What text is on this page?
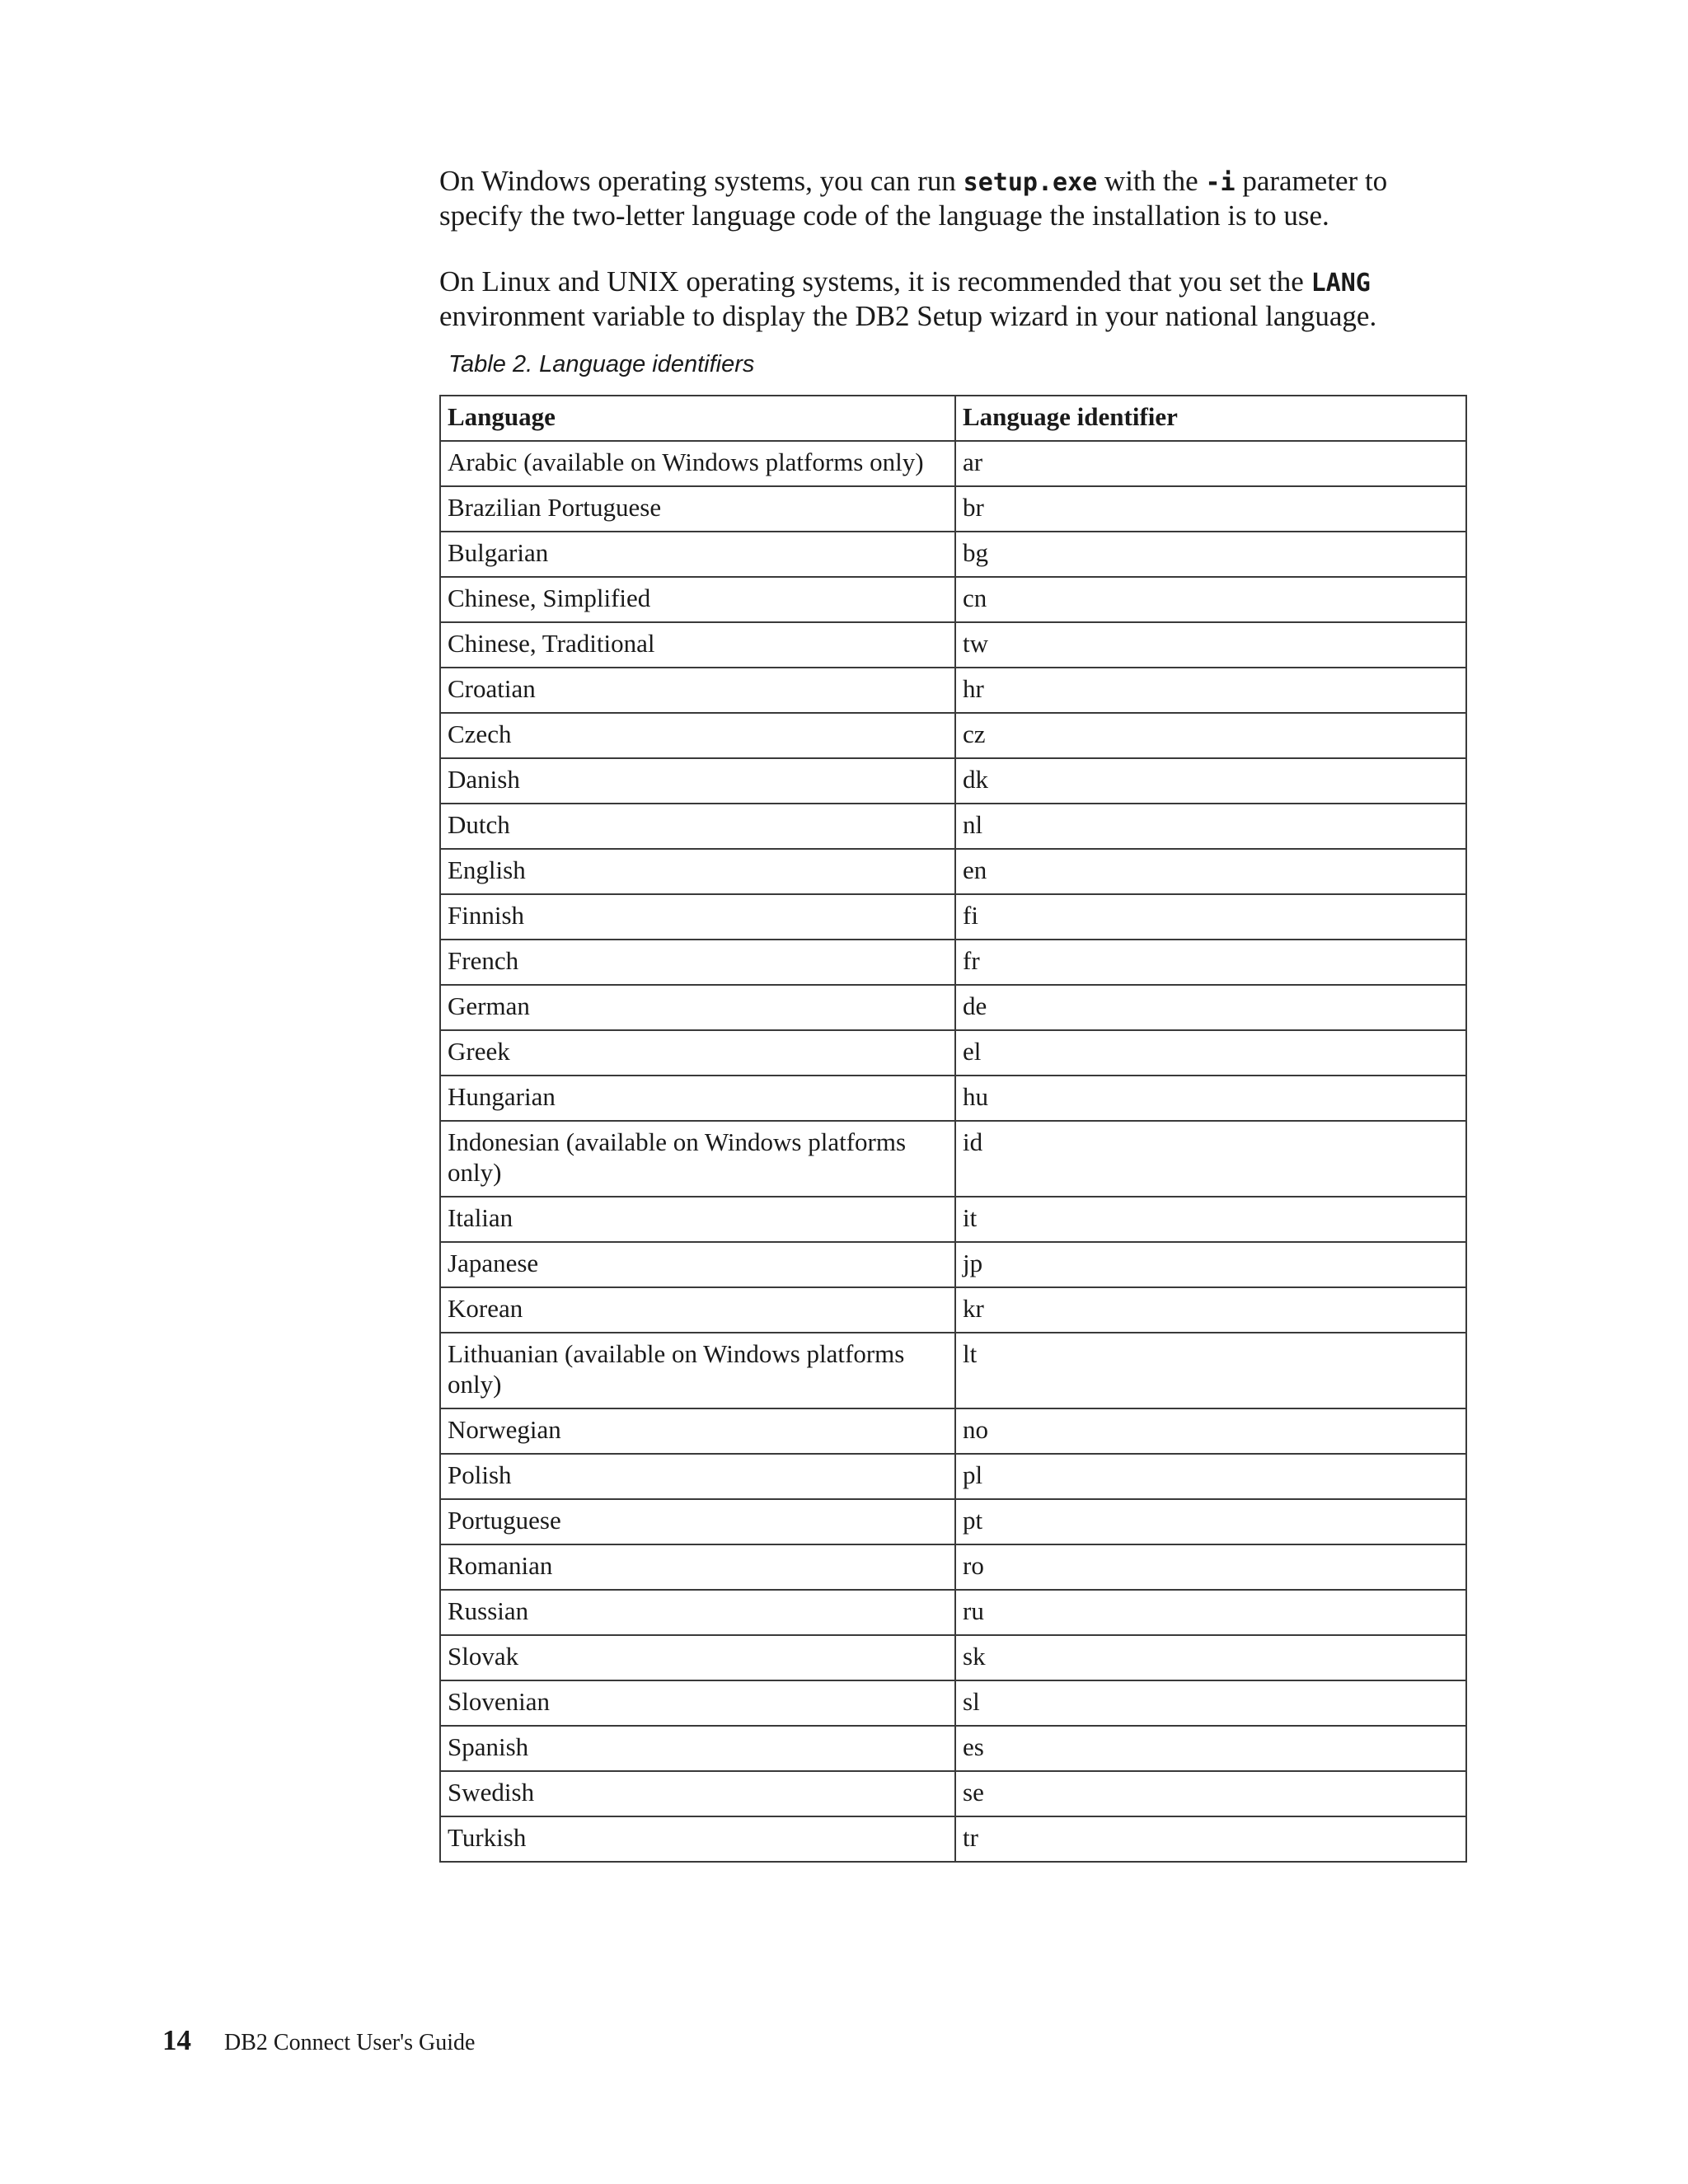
On Windows operating systems, you can run setup.exe with the -i parameter to specify the two-letter language code of the language the installation is to use.

On Linux and UNIX operating systems, it is recommended that you set the LANG environment variable to display the DB2 Setup wizard in your national language.

Table 2. Language identifiers
Language	Language identifier
Arabic (available on Windows platforms only)	ar
Brazilian Portuguese	br
Bulgarian	bg
Chinese, Simplified	cn
Chinese, Traditional	tw
Croatian	hr
Czech	cz
Danish	dk
Dutch	nl
English	en
Finnish	fi
French	fr
German	de
Greek	el
Hungarian	hu
Indonesian (available on Windows platforms only)	id
Italian	it
Japanese	jp
Korean	kr
Lithuanian (available on Windows platforms only)	lt
Norwegian	no
Polish	pl
Portuguese	pt
Romanian	ro
Russian	ru
Slovak	sk
Slovenian	sl
Spanish	es
Swedish	se
Turkish	tr
14 DB2 Connect User's Guide
